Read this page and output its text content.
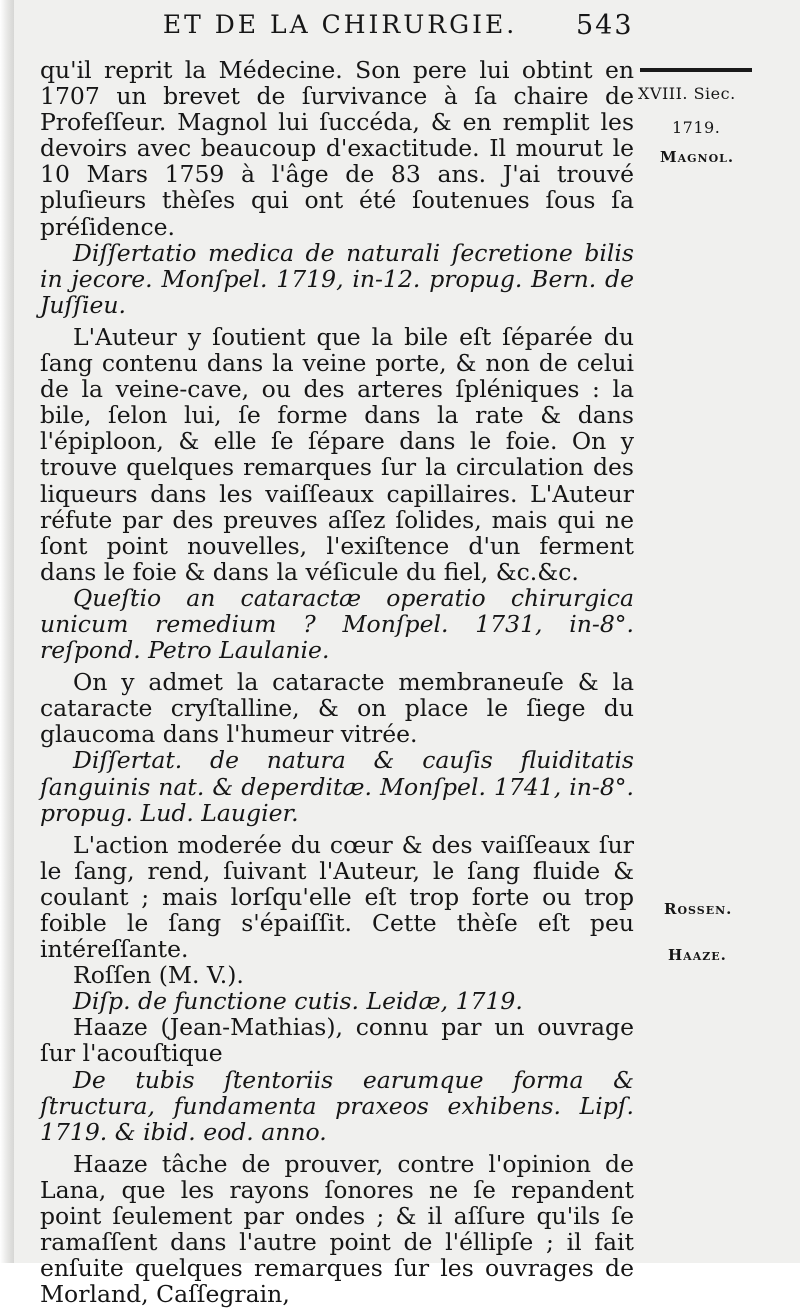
ET DE LA CHIRURGIE.	543

qu'il reprit la Médecine. Son pere lui obtint en 1707 un brevet de ſurvivance à ſa chaire de Profeſſeur. Magnol lui ſuccéda, & en remplit les devoirs avec beaucoup d'exactitude. Il mourut le 10 Mars 1759 à l'âge de 83 ans. J'ai trouvé pluſieurs thèſes qui ont été ſoutenues ſous ſa préſidence.

Diſſertatio medica de naturali ſecretione bilis in jecore. Monſpel. 1719, in-12. propug. Bern. de Juſſieu.

L'Auteur y ſoutient que la bile eſt ſéparée du ſang contenu dans la veine porte, & non de celui de la veine-cave, ou des arteres ſpléniques : la bile, ſelon lui, ſe forme dans la rate & dans l'épiploon, & elle ſe ſépare dans le foie. On y trouve quelques remarques ſur la circulation des liqueurs dans les vaiſſeaux capillaires. L'Auteur réfute par des preuves aſſez ſolides, mais qui ne ſont point nouvelles, l'exiſtence d'un ferment dans le foie & dans la véſicule du fiel, &c.&c.

Queſtio an cataractæ operatio chirurgica unicum remedium ? Monſpel. 1731, in-8°. reſpond. Petro Laulanie.

On y admet la cataracte membraneuſe & la cataracte cryſtalline, & on place le ſiege du glaucoma dans l'humeur vitrée.

Diſſertat. de natura & cauſis fluiditatis ſanguinis nat. & deperditæ. Monſpel. 1741, in-8°. propug. Lud. Laugier.

L'action moderée du cœur & des vaiſſeaux ſur le ſang, rend, ſuivant l'Auteur, le ſang fluide & coulant ; mais lorſqu'elle eſt trop forte ou trop foible le ſang s'épaiſſit. Cette thèſe eſt peu intéreſſante.

Roſſen (M. V.).

Diſp. de functione cutis. Leidæ, 1719.

Haaze (Jean-Mathias), connu par un ouvrage ſur l'acouſtique

De tubis ſtentoriis earumque forma & ſtructura, fundamenta praxeos exhibens. Lipſ. 1719. & ibid. eod. anno.

Haaze tâche de prouver, contre l'opinion de Lana, que les rayons ſonores ne ſe repandent point ſeulement par ondes ; & il aſſure qu'ils ſe ramaſſent dans l'autre point de l'éllipſe ; il fait enſuite quelques remarques ſur les ouvrages de Morland, Caſſegrain,

XVIII. Siec.
1719.
Magnol.
Rossen.
Haaze.
